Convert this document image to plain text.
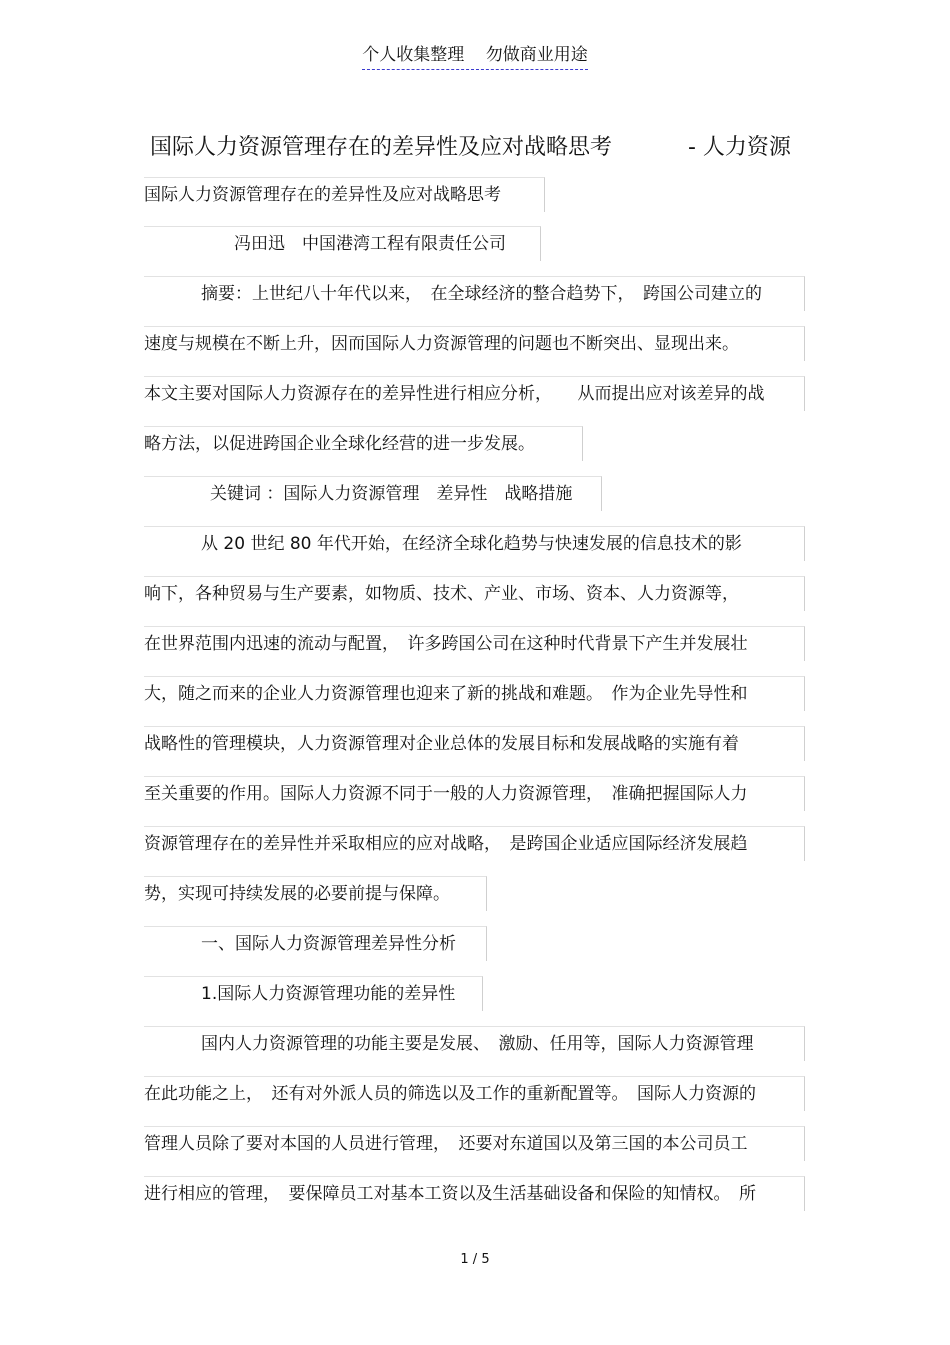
个人收集整理 勿做商业用途
国际人力资源管理存在的差异性及应对战略思考	- 人力资源
国际人力资源管理存在的差异性及应对战略思考
冯田迅　中国港湾工程有限责任公司
摘要：上世纪八十年代以来，　在全球经济的整合趋势下，　跨国公司建立的
速度与规模在不断上升，因而国际人力资源管理的问题也不断突出、显现出来。
本文主要对国际人力资源存在的差异性进行相应分析，　　从而提出应对该差异的战
略方法，以促进跨国企业全球化经营的进一步发展。
关键词 ：国际人力资源管理　差异性　战略措施
从 20 世纪 80 年代开始，在经济全球化趋势与快速发展的信息技术的影
响下，各种贸易与生产要素，如物质、技术、产业、市场、资本、人力资源等，
在世界范围内迅速的流动与配置，　许多跨国公司在这种时代背景下产生并发展壮
大，随之而来的企业人力资源管理也迎来了新的挑战和难题。　作为企业先导性和
战略性的管理模块，人力资源管理对企业总体的发展目标和发展战略的实施有着
至关重要的作用。国际人力资源不同于一般的人力资源管理，　准确把握国际人力
资源管理存在的差异性并采取相应的应对战略，　是跨国企业适应国际经济发展趋
势，实现可持续发展的必要前提与保障。
一、国际人力资源管理差异性分析
1.国际人力资源管理功能的差异性
国内人力资源管理的功能主要是发展、　激励、任用等，国际人力资源管理
在此功能之上，　还有对外派人员的筛选以及工作的重新配置等。　国际人力资源的
管理人员除了要对本国的人员进行管理，　还要对东道国以及第三国的本公司员工
进行相应的管理，　要保障员工对基本工资以及生活基础设备和保险的知情权。　所
1 / 5
